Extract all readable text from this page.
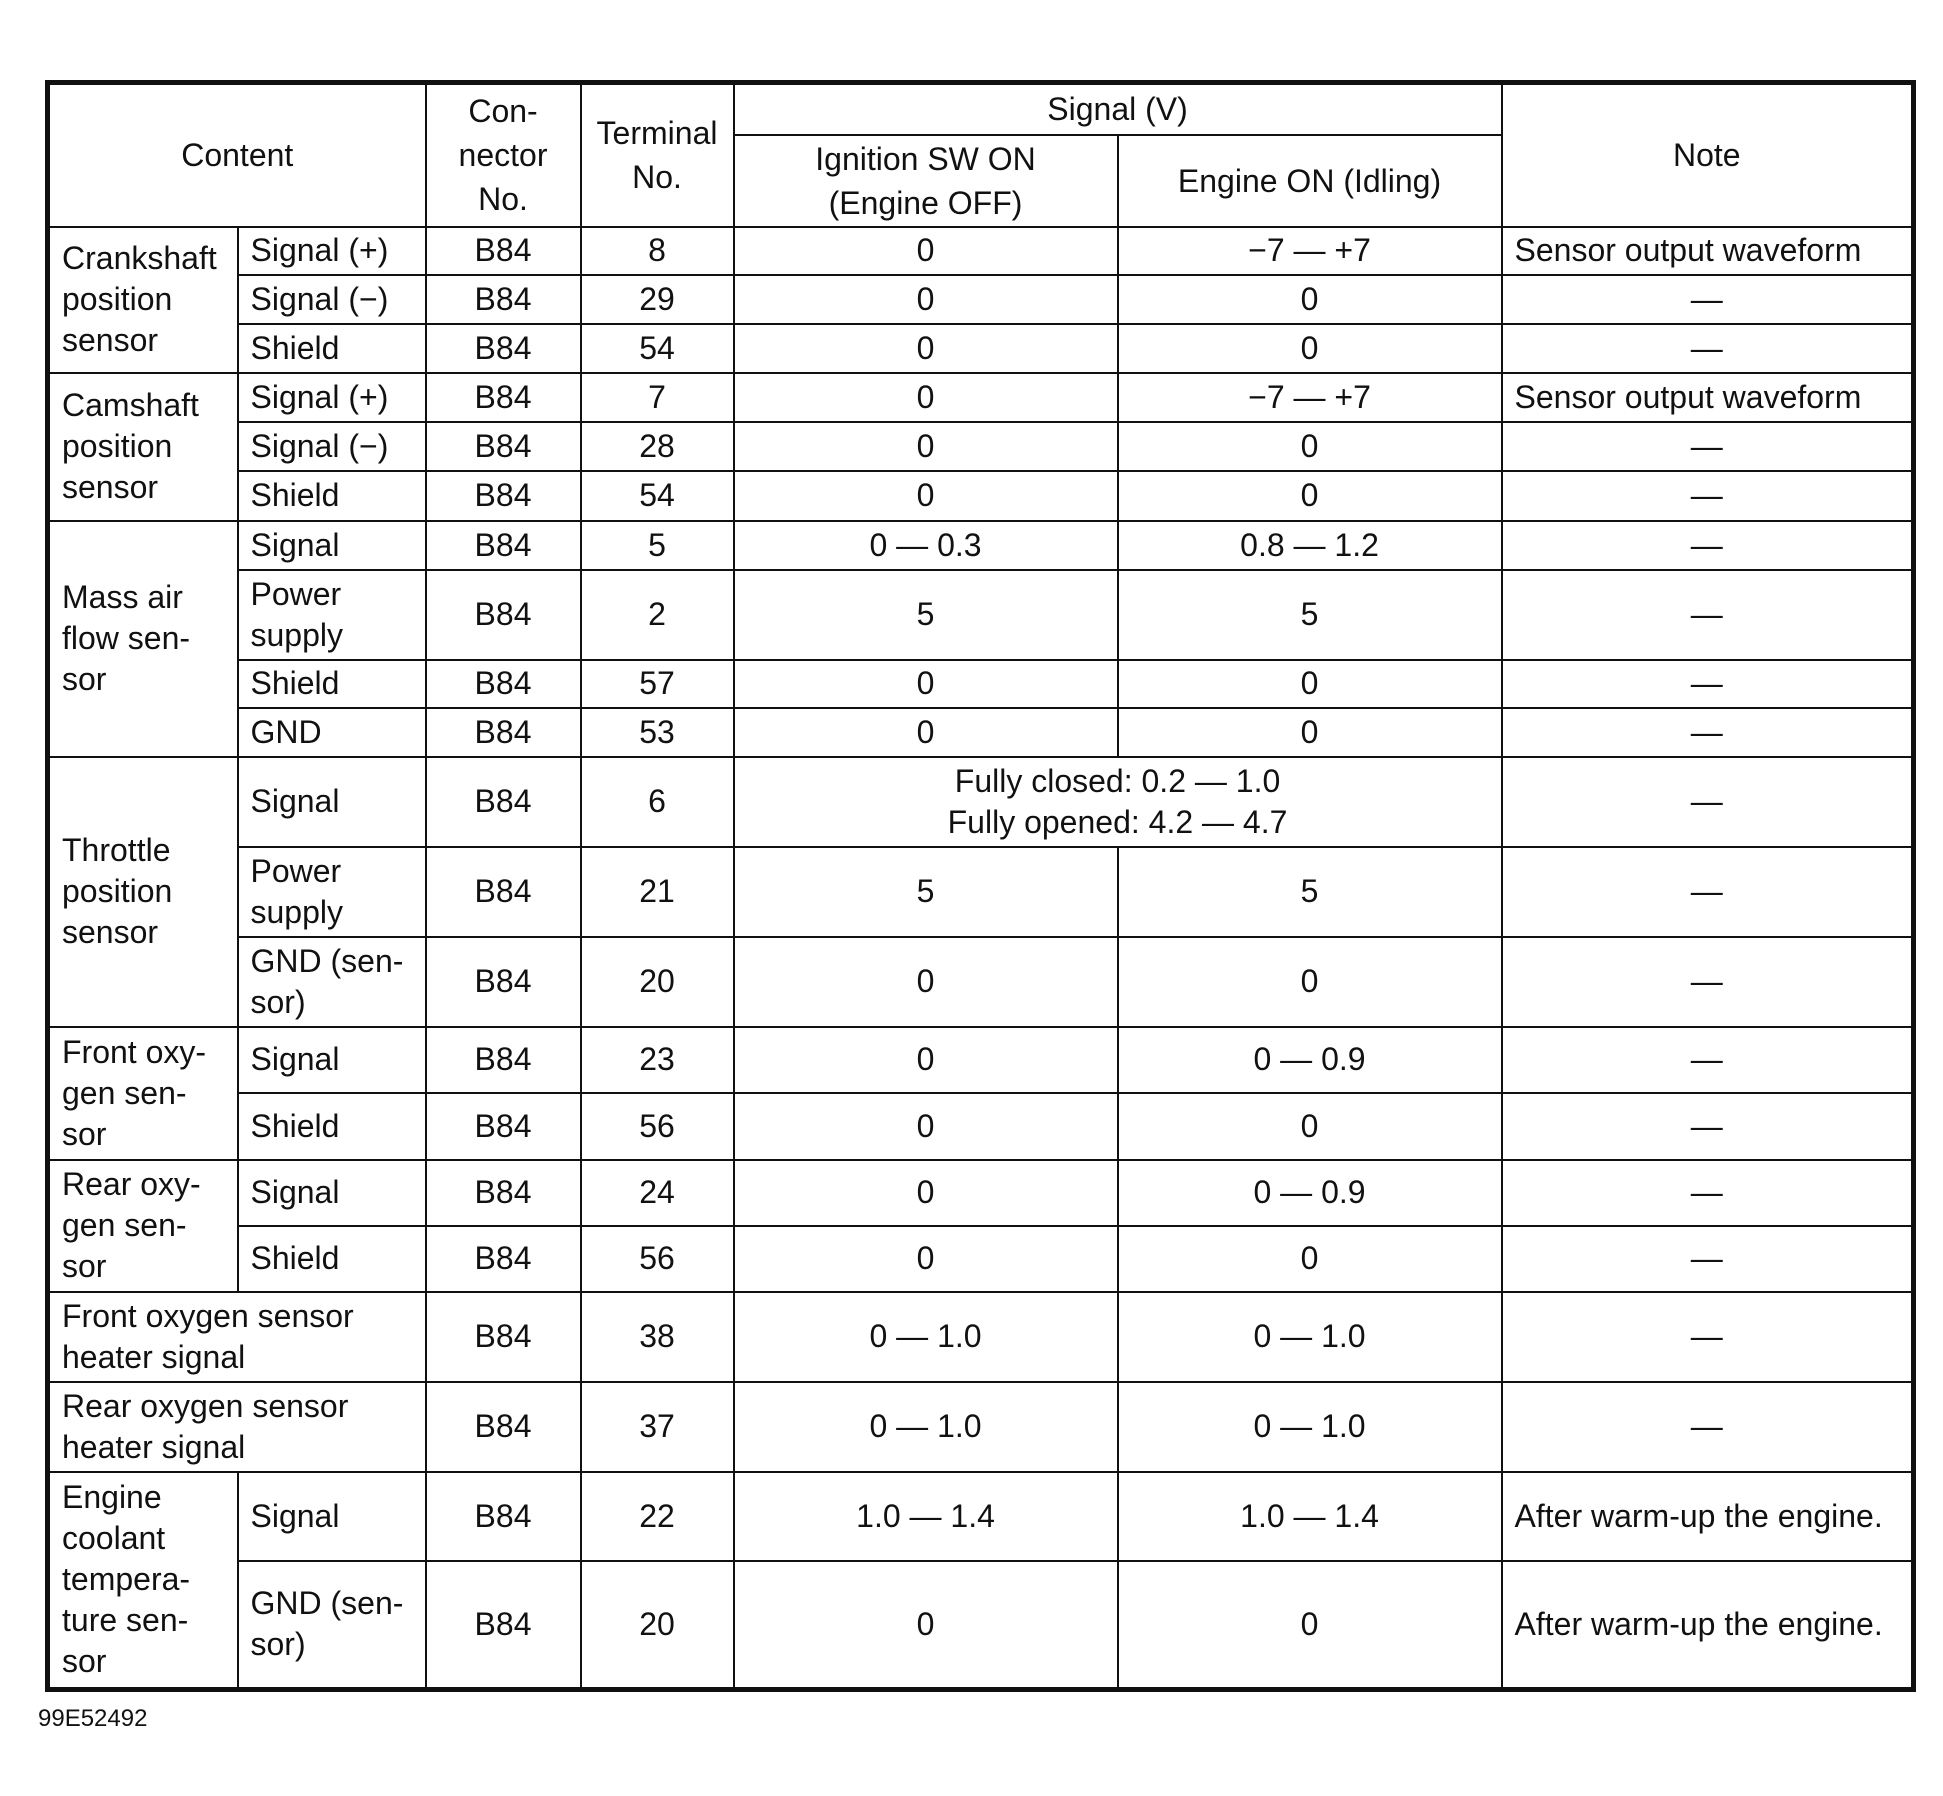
Content		Con-
nector
No.	Terminal
No.	Signal (V)		Note
				Ignition SW ON
(Engine OFF)	Engine ON (Idling)	
Crankshaft
position
sensor	Signal (+)	B84	8	0	−7 — +7	Sensor output waveform
	Signal (−)	B84	29	0	0	—
	Shield	B84	54	0	0	—
Camshaft
position
sensor	Signal (+)	B84	7	0	−7 — +7	Sensor output waveform
	Signal (−)	B84	28	0	0	—
	Shield	B84	54	0	0	—
Mass air
flow sen-
sor	Signal	B84	5	0 — 0.3	0.8 — 1.2	—
	Power
supply	B84	2	5	5	—
	Shield	B84	57	0	0	—
	GND	B84	53	0	0	—
Throttle
position
sensor	Signal	B84	6	Fully closed: 0.2 — 1.0
Fully opened: 4.2 — 4.7		—
	Power
supply	B84	21	5	5	—
	GND (sen-
sor)	B84	20	0	0	—
Front oxy-
gen sen-
sor	Signal	B84	23	0	0 — 0.9	—
	Shield	B84	56	0	0	—
Rear oxy-
gen sen-
sor	Signal	B84	24	0	0 — 0.9	—
	Shield	B84	56	0	0	—
Front oxygen sensor
heater signal		B84	38	0 — 1.0	0 — 1.0	—
Rear oxygen sensor
heater signal		B84	37	0 — 1.0	0 — 1.0	—
Engine
coolant
tempera-
ture sen-
sor	Signal	B84	22	1.0 — 1.4	1.0 — 1.4	After warm-up the engine.
	GND (sen-
sor)	B84	20	0	0	After warm-up the engine.
99E52492
